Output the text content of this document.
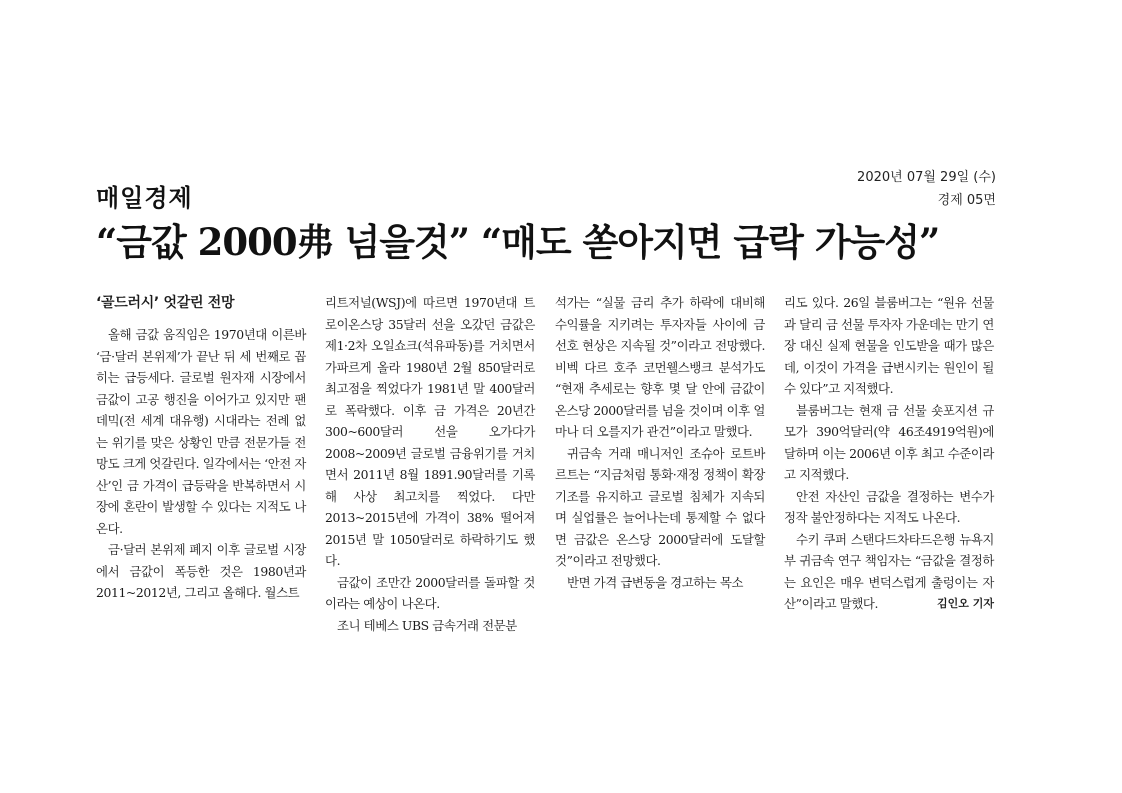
2020년 07월 29일 (수)
경제 05면
매일경제
“금값 2000弗 넘을것” “매도 쏟아지면 급락 가능성”
‘골드러시’ 엇갈린 전망

올해 금값 움직임은 1970년대 이른바 ‘금·달러 본위제’가 끝난 뒤 세 번째로 꼽히는 급등세다. 글로벌 원자재 시장에서 금값이 고공 행진을 이어가고 있지만 팬데믹(전 세계 대유행) 시대라는 전례 없는 위기를 맞은 상황인 만큼 전문가들 전망도 크게 엇갈린다. 일각에서는 ‘안전 자산’인 금 가격이 급등락을 반복하면서 시장에 혼란이 발생할 수 있다는 지적도 나온다.

금·달러 본위제 폐지 이후 글로벌 시장에서 금값이 폭등한 것은 1980년과 2011~2012년, 그리고 올해다. 월스트

리트저널(WSJ)에 따르면 1970년대 트로이온스당 35달러 선을 오갔던 금값은 제1·2차 오일쇼크(석유파동)를 거치면서 가파르게 올라 1980년 2월 850달러로 최고점을 찍었다가 1981년 말 400달러로 폭락했다. 이후 금 가격은 20년간 300~600달러 선을 오가다가 2008~2009년 글로벌 금융위기를 거치면서 2011년 8월 1891.90달러를 기록해 사상 최고치를 찍었다. 다만 2013~2015년에 가격이 38% 떨어져 2015년 말 1050달러로 하락하기도 했다.

금값이 조만간 2000달러를 돌파할 것이라는 예상이 나온다.

조니 테베스 UBS 금속거래 전문분

석가는 “실물 금리 추가 하락에 대비해 수익률을 지키려는 투자자들 사이에 금 선호 현상은 지속될 것”이라고 전망했다. 비벡 다르 호주 코먼웰스뱅크 분석가도 “현재 추세로는 향후 몇 달 안에 금값이 온스당 2000달러를 넘을 것이며 이후 얼마나 더 오를지가 관건”이라고 말했다.

귀금속 거래 매니저인 조슈아 로트바르트는 “지금처럼 통화·재정 정책이 확장 기조를 유지하고 글로벌 침체가 지속되며 실업률은 늘어나는데 통제할 수 없다면 금값은 온스당 2000달러에 도달할 것”이라고 전망했다.

반면 가격 급변동을 경고하는 목소

리도 있다. 26일 블룸버그는 “원유 선물과 달리 금 선물 투자자 가운데는 만기 연장 대신 실제 현물을 인도받을 때가 많은데, 이것이 가격을 급변시키는 원인이 될 수 있다”고 지적했다.

블룸버그는 현재 금 선물 숏포지션 규모가 390억달러(약 46조4919억원)에 달하며 이는 2006년 이후 최고 수준이라고 지적했다.

안전 자산인 금값을 결정하는 변수가 정작 불안정하다는 지적도 나온다.

수키 쿠퍼 스탠다드차타드은행 뉴욕지부 귀금속 연구 책임자는 “금값을 결정하는 요인은 매우 변덕스럽게 출렁이는 자산”이라고 말했다.	김인오 기자
